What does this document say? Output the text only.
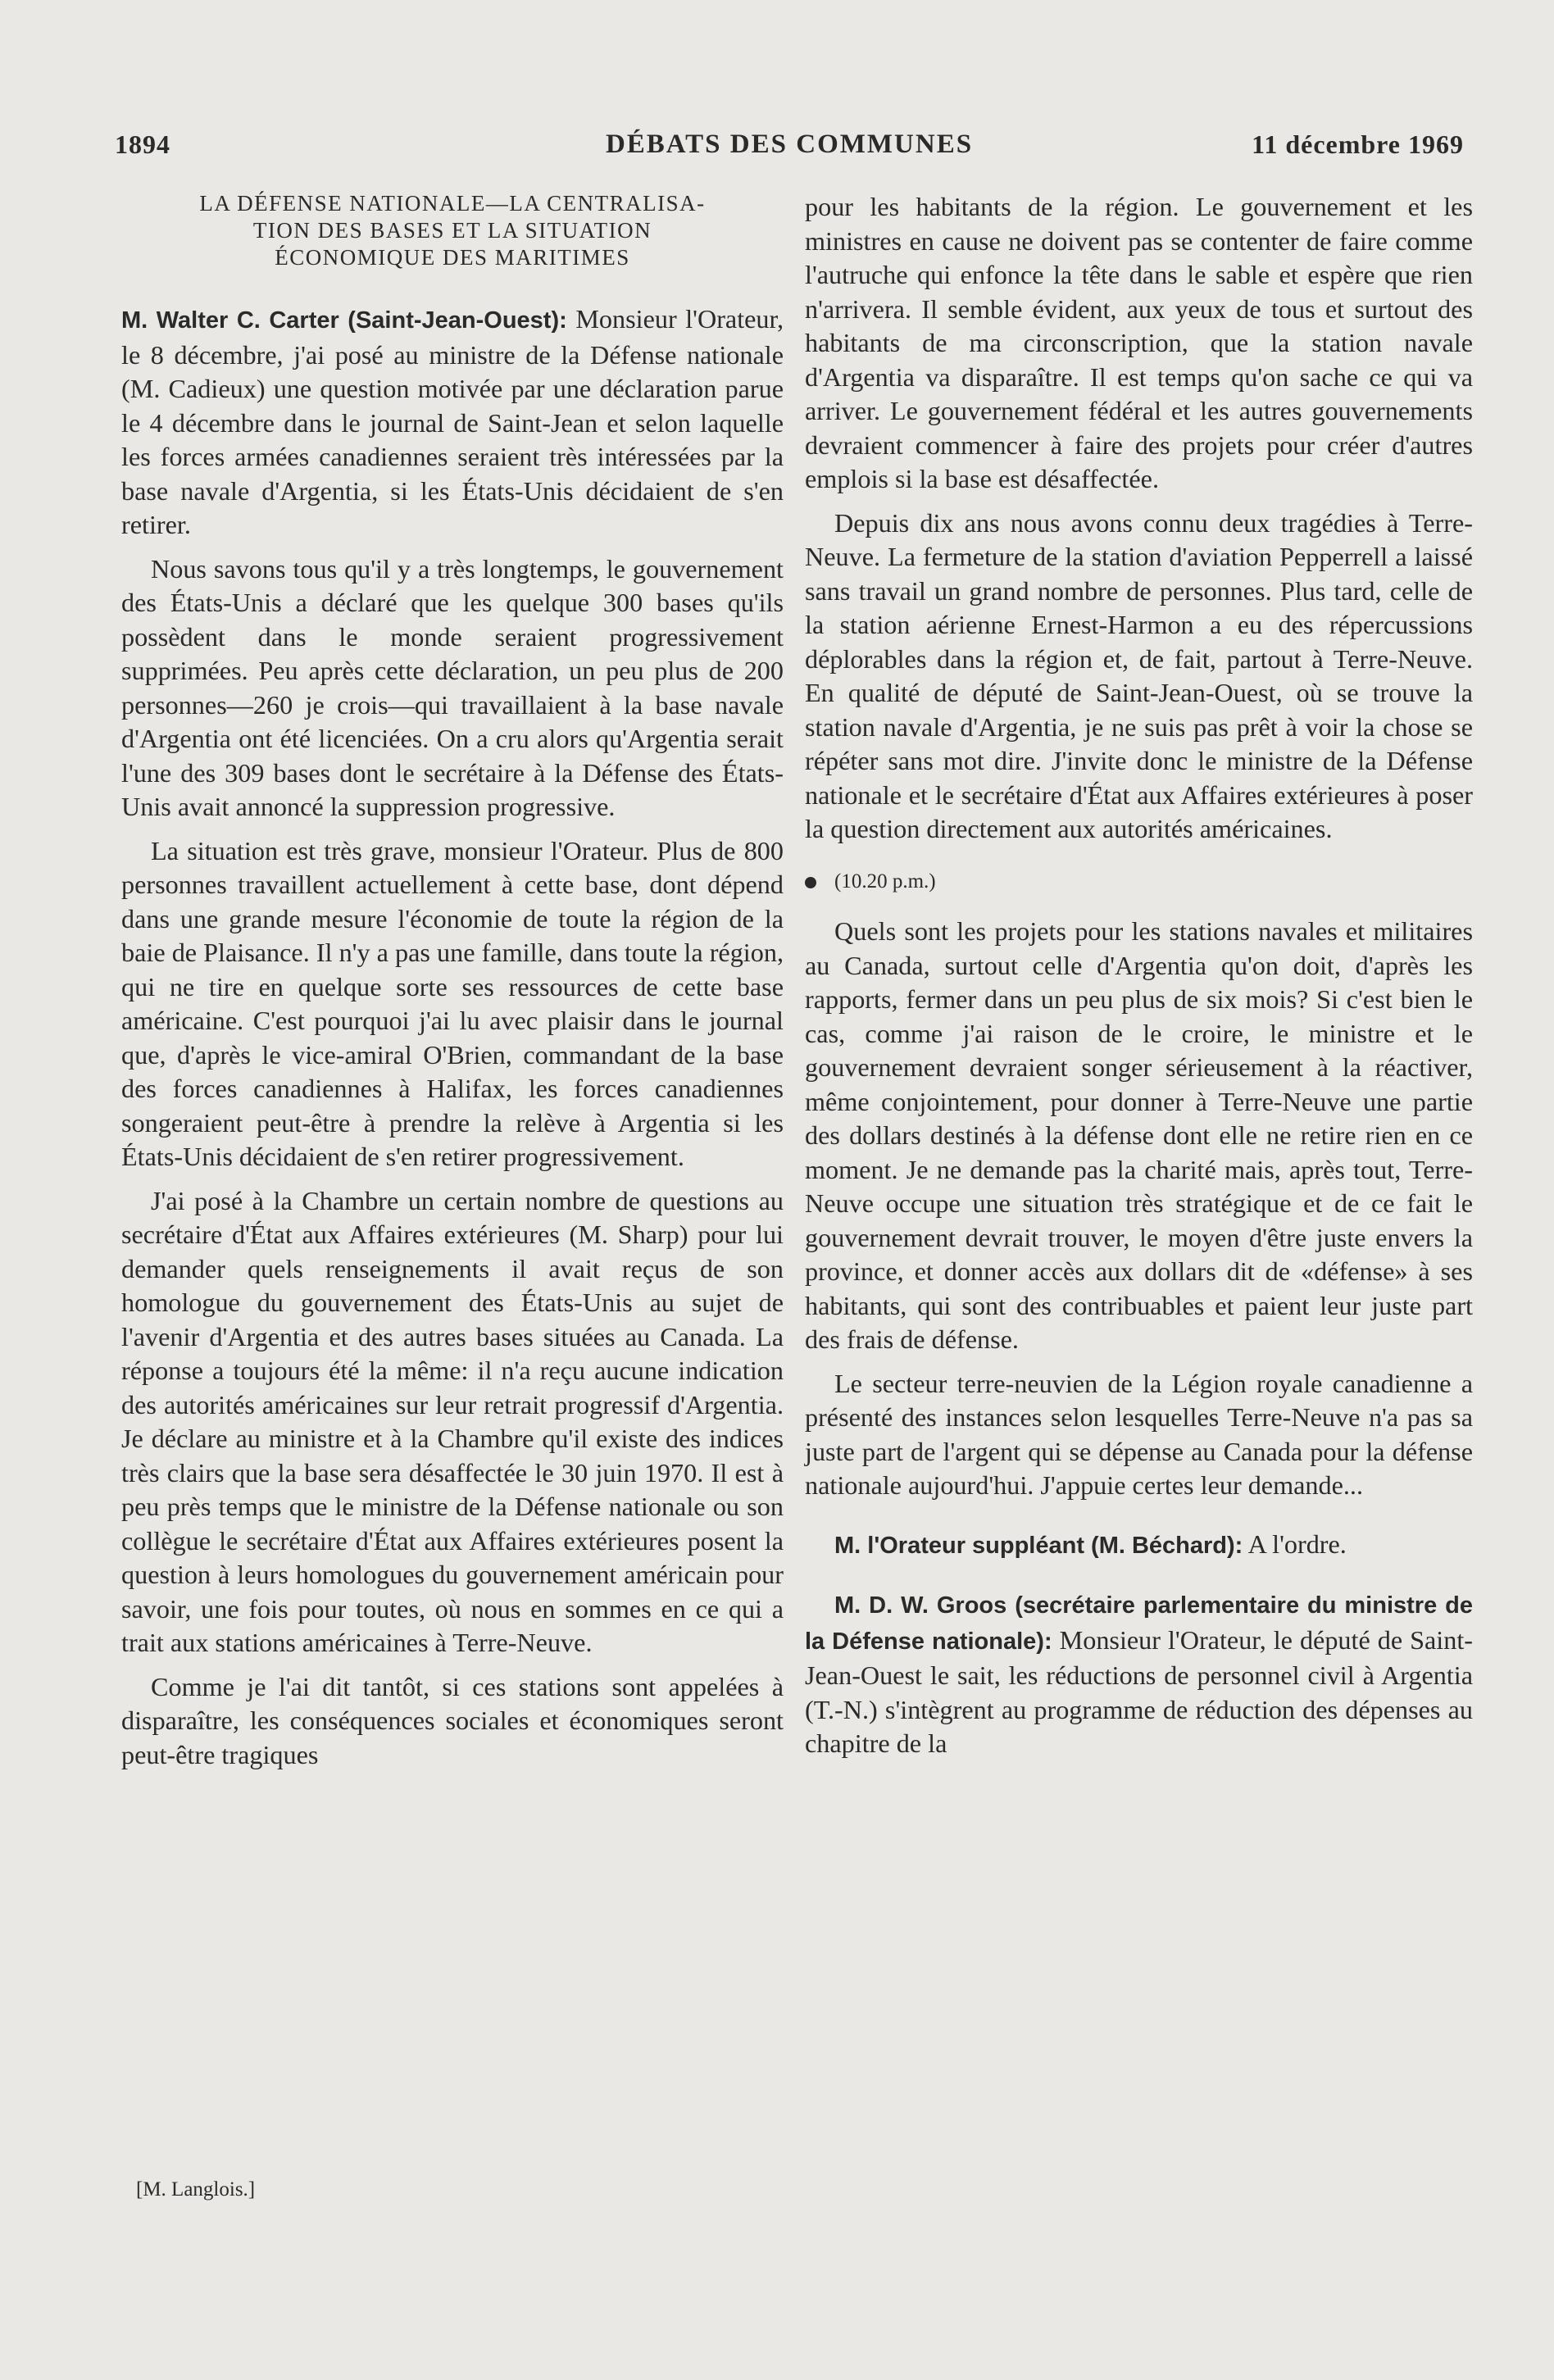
1894	DÉBATS DES COMMUNES	11 décembre 1969
LA DÉFENSE NATIONALE—LA CENTRALISA-
TION DES BASES ET LA SITUATION
ÉCONOMIQUE DES MARITIMES

M. Walter C. Carter (Saint-Jean-Ouest): Monsieur l'Orateur, le 8 décembre, j'ai posé au ministre de la Défense nationale (M. Cadieux) une question motivée par une déclaration parue le 4 décembre dans le journal de Saint-Jean et selon laquelle les forces armées canadiennes seraient très intéressées par la base navale d'Argentia, si les États-Unis décidaient de s'en retirer.

Nous savons tous qu'il y a très longtemps, le gouvernement des États-Unis a déclaré que les quelque 300 bases qu'ils possèdent dans le monde seraient progressivement supprimées. Peu après cette déclaration, un peu plus de 200 personnes—260 je crois—qui travaillaient à la base navale d'Argentia ont été licenciées. On a cru alors qu'Argentia serait l'une des 309 bases dont le secrétaire à la Défense des États-Unis avait annoncé la suppression progressive.

La situation est très grave, monsieur l'Orateur. Plus de 800 personnes travaillent actuellement à cette base, dont dépend dans une grande mesure l'économie de toute la région de la baie de Plaisance. Il n'y a pas une famille, dans toute la région, qui ne tire en quelque sorte ses ressources de cette base américaine. C'est pourquoi j'ai lu avec plaisir dans le journal que, d'après le vice-amiral O'Brien, commandant de la base des forces canadiennes à Halifax, les forces canadiennes songeraient peut-être à prendre la relève à Argentia si les États-Unis décidaient de s'en retirer progressivement.

J'ai posé à la Chambre un certain nombre de questions au secrétaire d'État aux Affaires extérieures (M. Sharp) pour lui demander quels renseignements il avait reçus de son homologue du gouvernement des États-Unis au sujet de l'avenir d'Argentia et des autres bases situées au Canada. La réponse a toujours été la même: il n'a reçu aucune indication des autorités américaines sur leur retrait progressif d'Argentia. Je déclare au ministre et à la Chambre qu'il existe des indices très clairs que la base sera désaffectée le 30 juin 1970. Il est à peu près temps que le ministre de la Défense nationale ou son collègue le secrétaire d'État aux Affaires extérieures posent la question à leurs homologues du gouvernement américain pour savoir, une fois pour toutes, où nous en sommes en ce qui a trait aux stations américaines à Terre-Neuve.

Comme je l'ai dit tantôt, si ces stations sont appelées à disparaître, les conséquences sociales et économiques seront peut-être tragiques

[M. Langlois.]

pour les habitants de la région. Le gouvernement et les ministres en cause ne doivent pas se contenter de faire comme l'autruche qui enfonce la tête dans le sable et espère que rien n'arrivera. Il semble évident, aux yeux de tous et surtout des habitants de ma circonscription, que la station navale d'Argentia va disparaître. Il est temps qu'on sache ce qui va arriver. Le gouvernement fédéral et les autres gouvernements devraient commencer à faire des projets pour créer d'autres emplois si la base est désaffectée.

Depuis dix ans nous avons connu deux tragédies à Terre-Neuve. La fermeture de la station d'aviation Pepperrell a laissé sans travail un grand nombre de personnes. Plus tard, celle de la station aérienne Ernest-Harmon a eu des répercussions déplorables dans la région et, de fait, partout à Terre-Neuve. En qualité de député de Saint-Jean-Ouest, où se trouve la station navale d'Argentia, je ne suis pas prêt à voir la chose se répéter sans mot dire. J'invite donc le ministre de la Défense nationale et le secrétaire d'État aux Affaires extérieures à poser la question directement aux autorités américaines.

(10.20 p.m.)

Quels sont les projets pour les stations navales et militaires au Canada, surtout celle d'Argentia qu'on doit, d'après les rapports, fermer dans un peu plus de six mois? Si c'est bien le cas, comme j'ai raison de le croire, le ministre et le gouvernement devraient songer sérieusement à la réactiver, même conjointement, pour donner à Terre-Neuve une partie des dollars destinés à la défense dont elle ne retire rien en ce moment. Je ne demande pas la charité mais, après tout, Terre-Neuve occupe une situation très stratégique et de ce fait le gouvernement devrait trouver, le moyen d'être juste envers la province, et donner accès aux dollars dit de «défense» à ses habitants, qui sont des contribuables et paient leur juste part des frais de défense.

Le secteur terre-neuvien de la Légion royale canadienne a présenté des instances selon lesquelles Terre-Neuve n'a pas sa juste part de l'argent qui se dépense au Canada pour la défense nationale aujourd'hui. J'appuie certes leur demande...

M. l'Orateur suppléant (M. Béchard): A l'ordre.

M. D. W. Groos (secrétaire parlementaire du ministre de la Défense nationale): Monsieur l'Orateur, le député de Saint-Jean-Ouest le sait, les réductions de personnel civil à Argentia (T.-N.) s'intègrent au programme de réduction des dépenses au chapitre de la
